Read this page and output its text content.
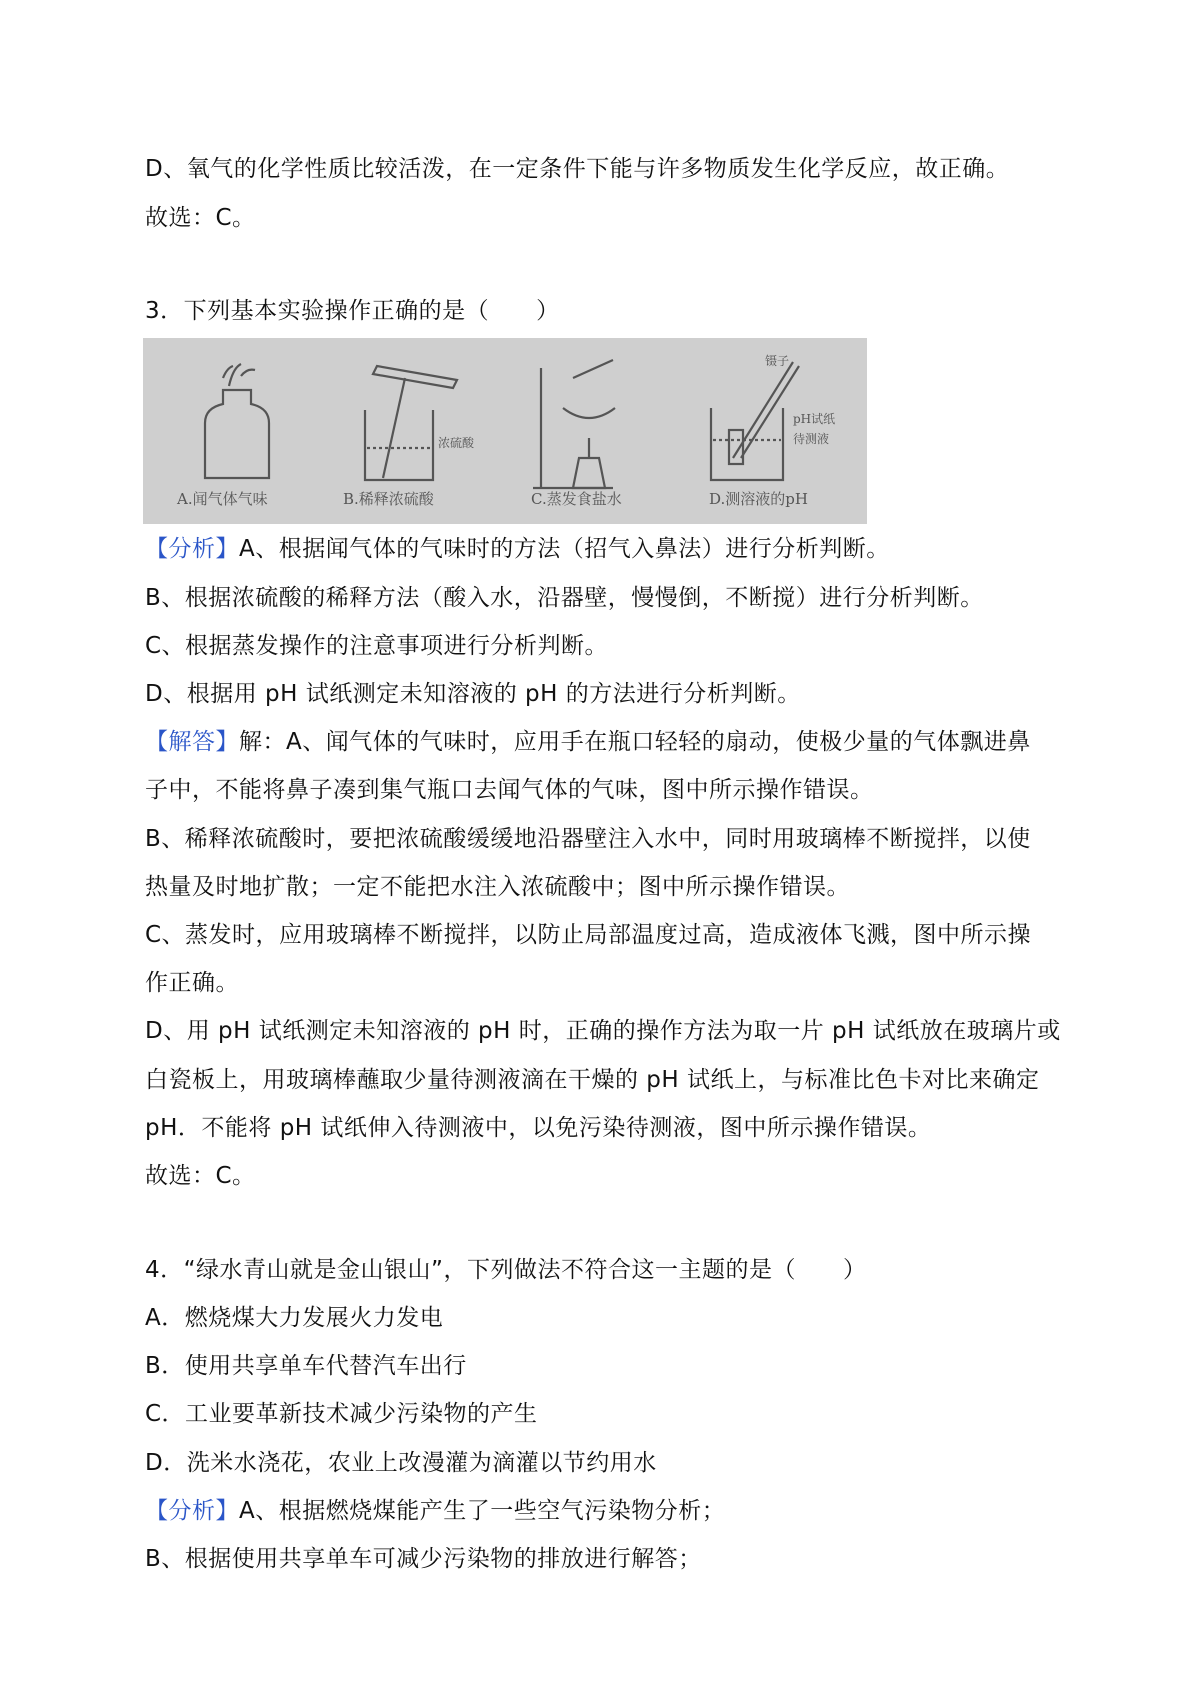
D、氧气的化学性质比较活泼，在一定条件下能与许多物质发生化学反应，故正确。
故选：C。
3．下列基本实验操作正确的是（　　）
A.闻气体气味	B.稀释浓硫酸	C.蒸发食盐水	D.测溶液的pH
浓硫酸
镊子
pH试纸
待测液
【分析】A、根据闻气体的气味时的方法（招气入鼻法）进行分析判断。
B、根据浓硫酸的稀释方法（酸入水，沿器壁，慢慢倒，不断搅）进行分析判断。
C、根据蒸发操作的注意事项进行分析判断。
D、根据用 pH 试纸测定未知溶液的 pH 的方法进行分析判断。
【解答】解：A、闻气体的气味时，应用手在瓶口轻轻的扇动，使极少量的气体飘进鼻
子中，不能将鼻子凑到集气瓶口去闻气体的气味，图中所示操作错误。
B、稀释浓硫酸时，要把浓硫酸缓缓地沿器壁注入水中，同时用玻璃棒不断搅拌，以使
热量及时地扩散；一定不能把水注入浓硫酸中；图中所示操作错误。
C、蒸发时，应用玻璃棒不断搅拌，以防止局部温度过高，造成液体飞溅，图中所示操
作正确。
D、用 pH 试纸测定未知溶液的 pH 时，正确的操作方法为取一片 pH 试纸放在玻璃片或
白瓷板上，用玻璃棒蘸取少量待测液滴在干燥的 pH 试纸上，与标准比色卡对比来确定
pH．不能将 pH 试纸伸入待测液中，以免污染待测液，图中所示操作错误。
故选：C。
4．“绿水青山就是金山银山”，下列做法不符合这一主题的是（　　）
A．燃烧煤大力发展火力发电
B．使用共享单车代替汽车出行
C．工业要革新技术减少污染物的产生
D．洗米水浇花，农业上改漫灌为滴灌以节约用水
【分析】A、根据燃烧煤能产生了一些空气污染物分析；
B、根据使用共享单车可减少污染物的排放进行解答；
